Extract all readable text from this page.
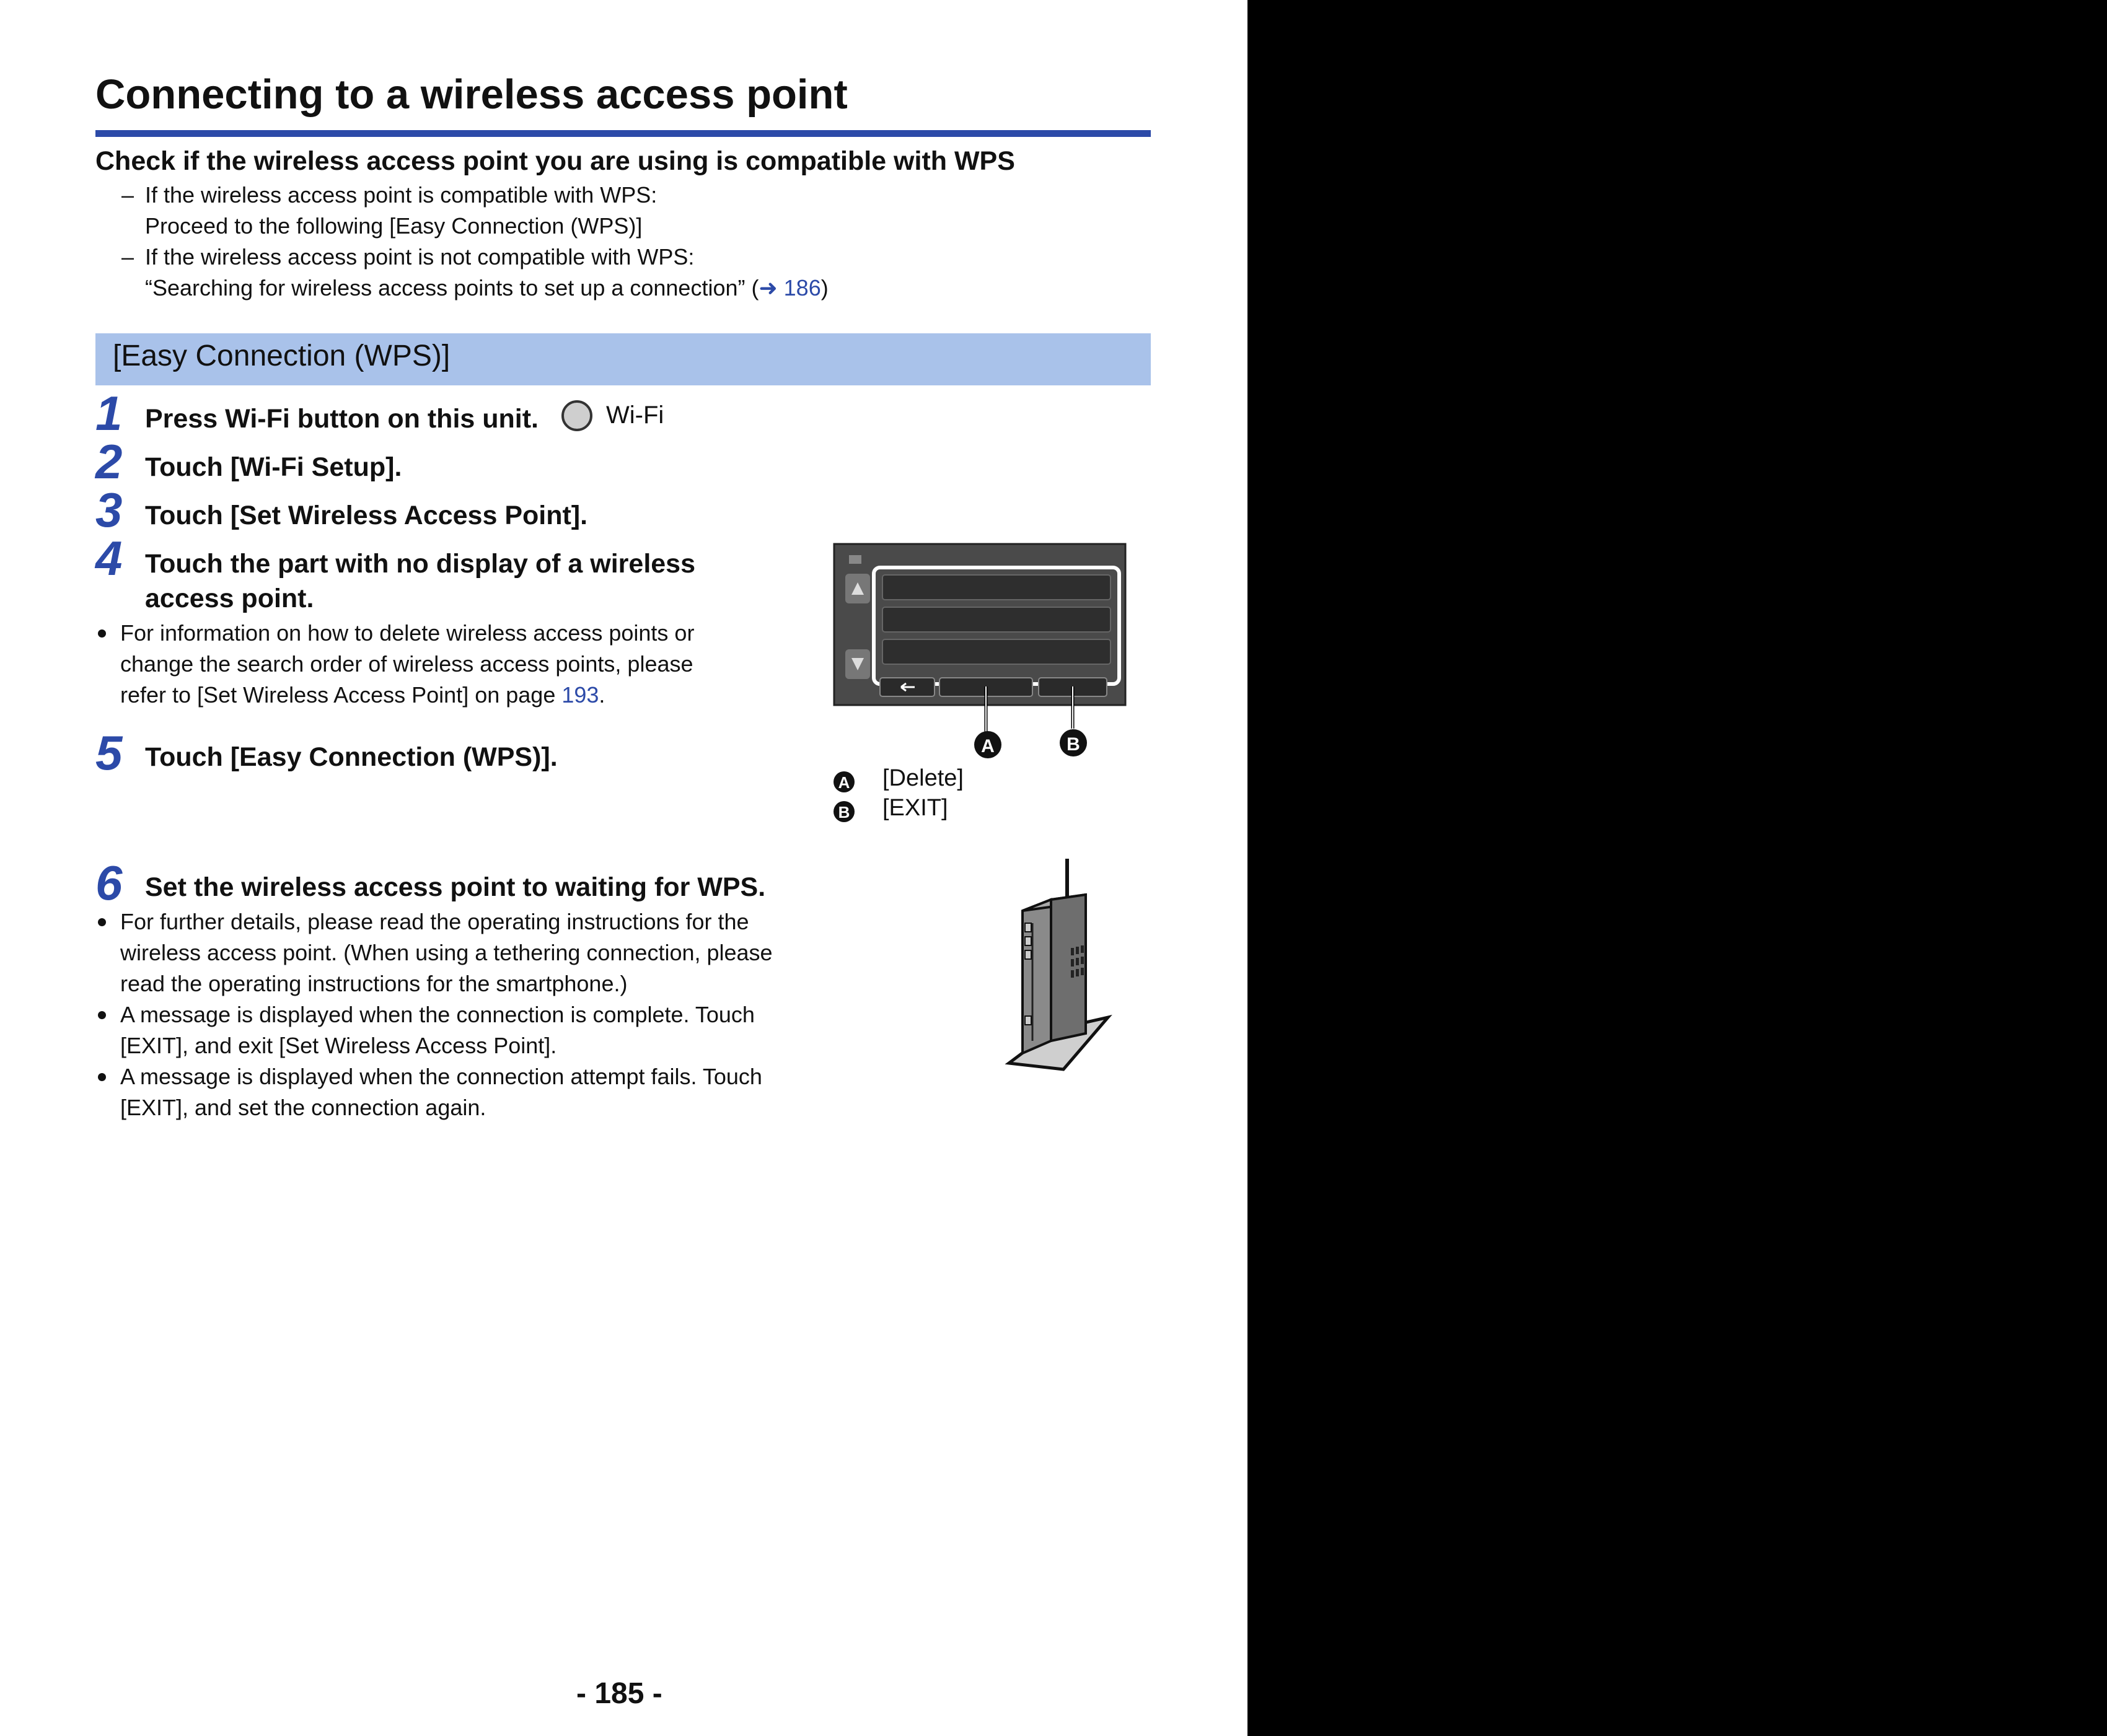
Connecting to a wireless access point
Check if the wireless access point you are using is compatible with WPS
– If the wireless access point is compatible with WPS:
Proceed to the following [Easy Connection (WPS)]
– If the wireless access point is not compatible with WPS:
“Searching for wireless access points to set up a connection” (➜ 186)
[Easy Connection (WPS)]
1 Press Wi-Fi button on this unit.	Wi-Fi
2 Touch [Wi-Fi Setup].
3 Touch [Set Wireless Access Point].
4 Touch the part with no display of a wireless
access point.
For information on how to delete wireless access points or
change the search order of wireless access points, please
refer to [Set Wireless Access Point] on page 193.
5 Touch [Easy Connection (WPS)].	A	B
A [Delete]
B [EXIT]
6 Set the wireless access point to waiting for WPS.
For further details, please read the operating instructions for the
wireless access point. (When using a tethering connection, please
read the operating instructions for the smartphone.)
A message is displayed when the connection is complete. Touch
[EXIT], and exit [Set Wireless Access Point].
A message is displayed when the connection attempt fails. Touch
[EXIT], and set the connection again.
- 185 -
